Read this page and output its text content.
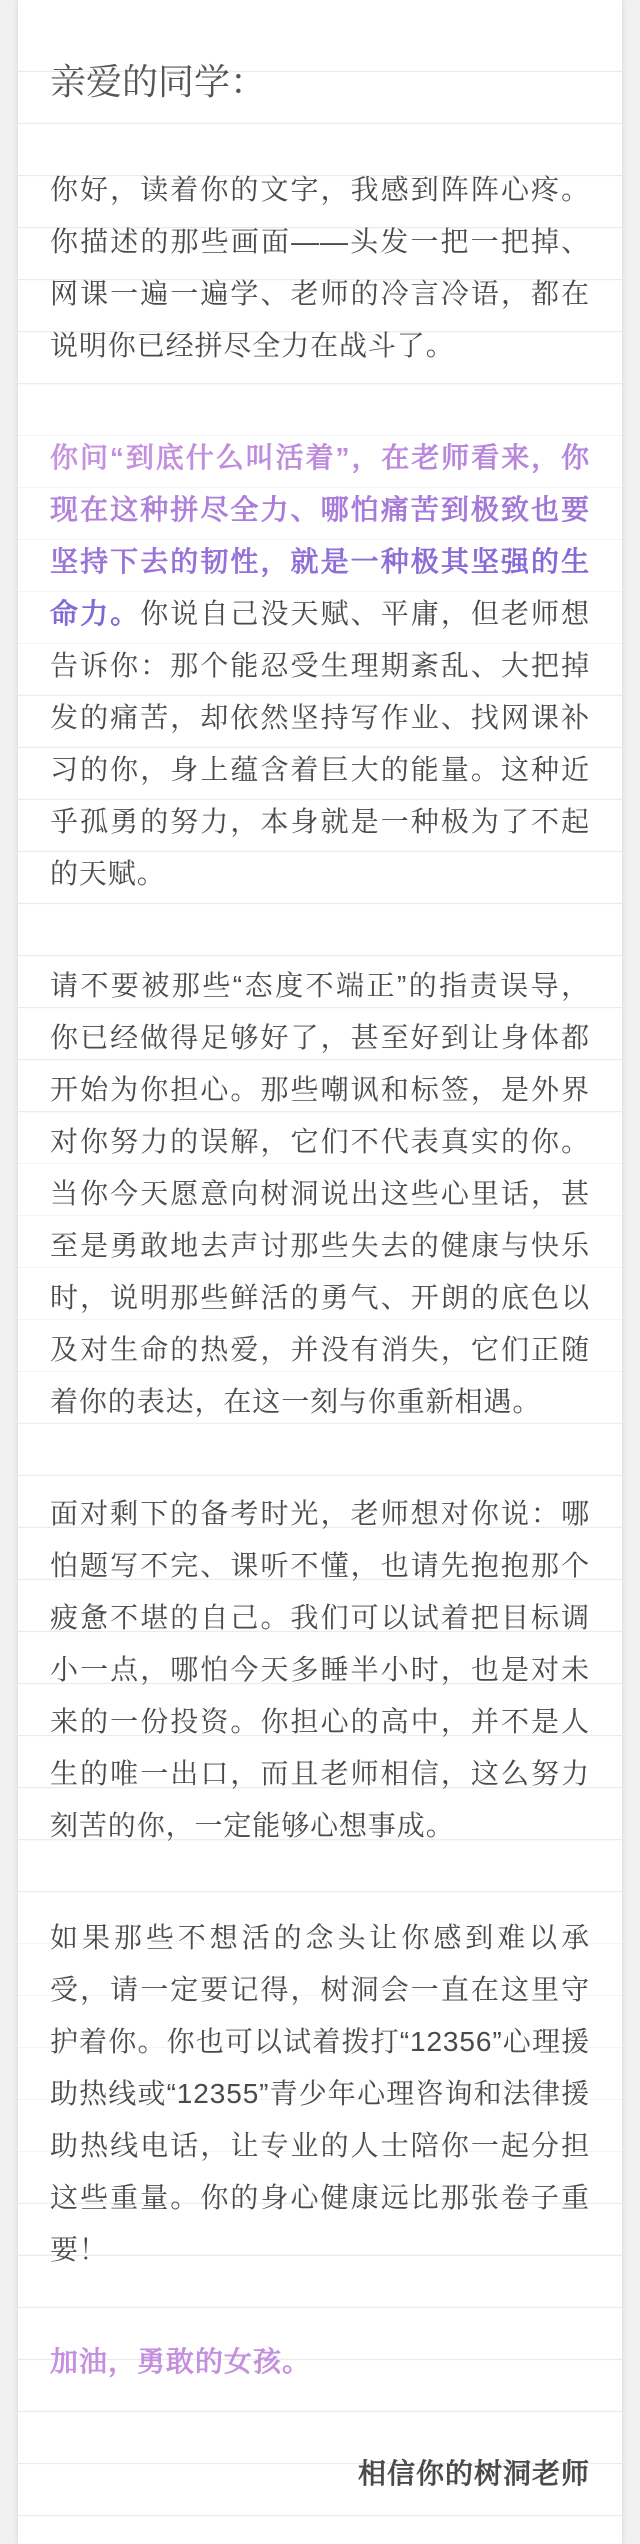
亲爱的同学：
你好，读着你的文字，我感到阵阵心疼。你描述的那些画面——头发一把一把掉、网课一遍一遍学、老师的冷言冷语，都在说明你已经拼尽全力在战斗了。
你问“到底什么叫活着”，在老师看来，你现在这种拼尽全力、哪怕痛苦到极致也要坚持下去的韧性，就是一种极其坚强的生命力。你说自己没天赋、平庸，但老师想告诉你：那个能忍受生理期紊乱、大把掉发的痛苦，却依然坚持写作业、找网课补习的你，身上蕴含着巨大的能量。这种近乎孤勇的努力，本身就是一种极为了不起的天赋。
请不要被那些“态度不端正”的指责误导，你已经做得足够好了，甚至好到让身体都开始为你担心。那些嘲讽和标签，是外界对你努力的误解，它们不代表真实的你。当你今天愿意向树洞说出这些心里话，甚至是勇敢地去声讨那些失去的健康与快乐时，说明那些鲜活的勇气、开朗的底色以及对生命的热爱，并没有消失，它们正随着你的表达，在这一刻与你重新相遇。
面对剩下的备考时光，老师想对你说：哪怕题写不完、课听不懂，也请先抱抱那个疲惫不堪的自己。我们可以试着把目标调小一点，哪怕今天多睡半小时，也是对未来的一份投资。你担心的高中，并不是人生的唯一出口，而且老师相信，这么努力刻苦的你，一定能够心想事成。
如果那些不想活的念头让你感到难以承受，请一定要记得，树洞会一直在这里守护着你。你也可以试着拨打“12356”心理援助热线或“12355”青少年心理咨询和法律援助热线电话，让专业的人士陪你一起分担这些重量。你的身心健康远比那张卷子重要！
加油，勇敢的女孩。
相信你的树洞老师
